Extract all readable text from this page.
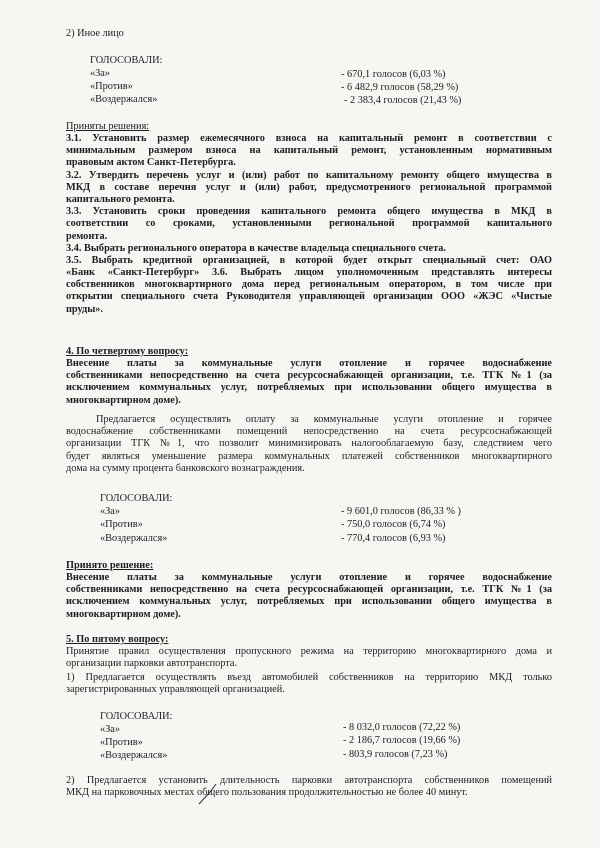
2) Иное лицо
ГОЛОСОВАЛИ:
«За»
«Против»
«Воздержался»
- 670,1 голосов (6,03 %)
- 6 482,9 голосов (58,29 %)
- 2 383,4 голосов (21,43 %)
Приняты решения:
3.1. Установить размер ежемесячного взноса на капитальный ремонт в соответствии с
минимальным размером взноса на капитальный ремонт, установленным нормативным
правовым актом Санкт-Петербурга.
3.2. Утвердить перечень услуг и (или) работ по капитальному ремонту общего имущества в
МКД в составе перечня услуг и (или) работ, предусмотренного региональной программой
капитального ремонта.
3.3. Установить сроки проведения капитального ремонта общего имущества в МКД в
соответствии со сроками, установленными региональной программой капитального
ремонта.
3.4. Выбрать регионального оператора в качестве владельца специального счета.
3.5. Выбрать кредитной организацией, в которой будет открыт специальный счет: ОАО
«Банк «Санкт-Петербург» 3.6. Выбрать лицом уполномоченным представлять интересы
собственников многоквартирного дома перед региональным оператором, в том числе при
открытии специального счета Руководителя управляющей организации ООО «ЖЭС «Чистые
пруды».
4. По четвертому вопросу:
Внесение платы за коммунальные услуги отопление и горячее водоснабжение
собственниками непосредственно на счета ресурсоснабжающей организации, т.е. ТГК №1 (за
исключением коммунальных услуг, потребляемых при использовании общего имущества в
многоквартирном доме).
Предлагается осуществлять оплату за коммунальные услуги отопление и горячее
водоснабжение собственниками помещений непосредственно на счета ресурсоснабжающей
организации ТГК №1, что позволит минимизировать налогооблагаемую базу, следствием чего
будет являться уменьшение размера коммунальных платежей собственников многоквартирного
дома на сумму процента банковского вознаграждения.
ГОЛОСОВАЛИ:
«За»
«Против»
«Воздержался»
- 9 601,0 голосов (86,33 % )
- 750,0 голосов (6,74 %)
- 770,4 голосов (6,93 %)
Принято решение:
Внесение платы за коммунальные услуги отопление и горячее водоснабжение
собственниками непосредственно на счета ресурсоснабжающей организации, т.е. ТГК №1 (за
исключением коммунальных услуг, потребляемых при использовании общего имущества в
многоквартирном доме).
5. По пятому вопросу:
Принятие правил осуществления пропускного режима на территорию многоквартирного дома и
организации парковки автотранспорта.
1) Предлагается осуществлять въезд автомобилей собственников на территорию МКД только
зарегистрированных управляющей организацией.
ГОЛОСОВАЛИ:
«За»
«Против»
«Воздержался»
- 8 032,0 голосов (72,22 %)
- 2 186,7 голосов (19,66 %)
- 803,9 голосов (7,23 %)
2) Предлагается установить длительность парковки автотранспорта собственников помещений
МКД на парковочных местах общего пользования продолжительностью не более 40 минут.
